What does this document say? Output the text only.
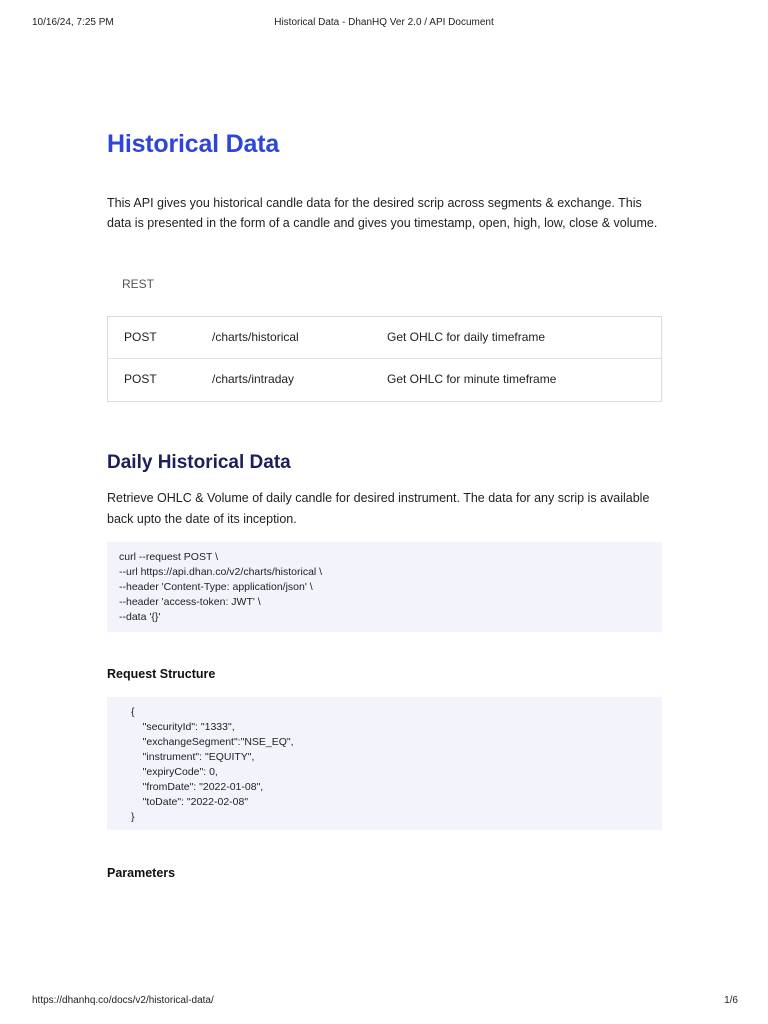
10/16/24, 7:25 PM	Historical Data - DhanHQ Ver 2.0 / API Document
Historical Data

This API gives you historical candle data for the desired scrip across segments & exchange. This data is presented in the form of a candle and gives you timestamp, open, high, low, close & volume.

REST
POST	/charts/historical	Get OHLC for daily timeframe
POST	/charts/intraday	Get OHLC for minute timeframe
Daily Historical Data

Retrieve OHLC & Volume of daily candle for desired instrument. The data for any scrip is available back upto the date of its inception.

curl --request POST \
--url https://api.dhan.co/v2/charts/historical \
--header 'Content-Type: application/json' \
--header 'access-token: JWT' \
--data '{}'
Request Structure
{
"securityId": "1333",
"exchangeSegment":"NSE_EQ",
"instrument": "EQUITY",
"expiryCode": 0,
"fromDate": "2022-01-08",
"toDate": "2022-02-08"
}
Parameters
https://dhanhq.co/docs/v2/historical-data/	1/6
